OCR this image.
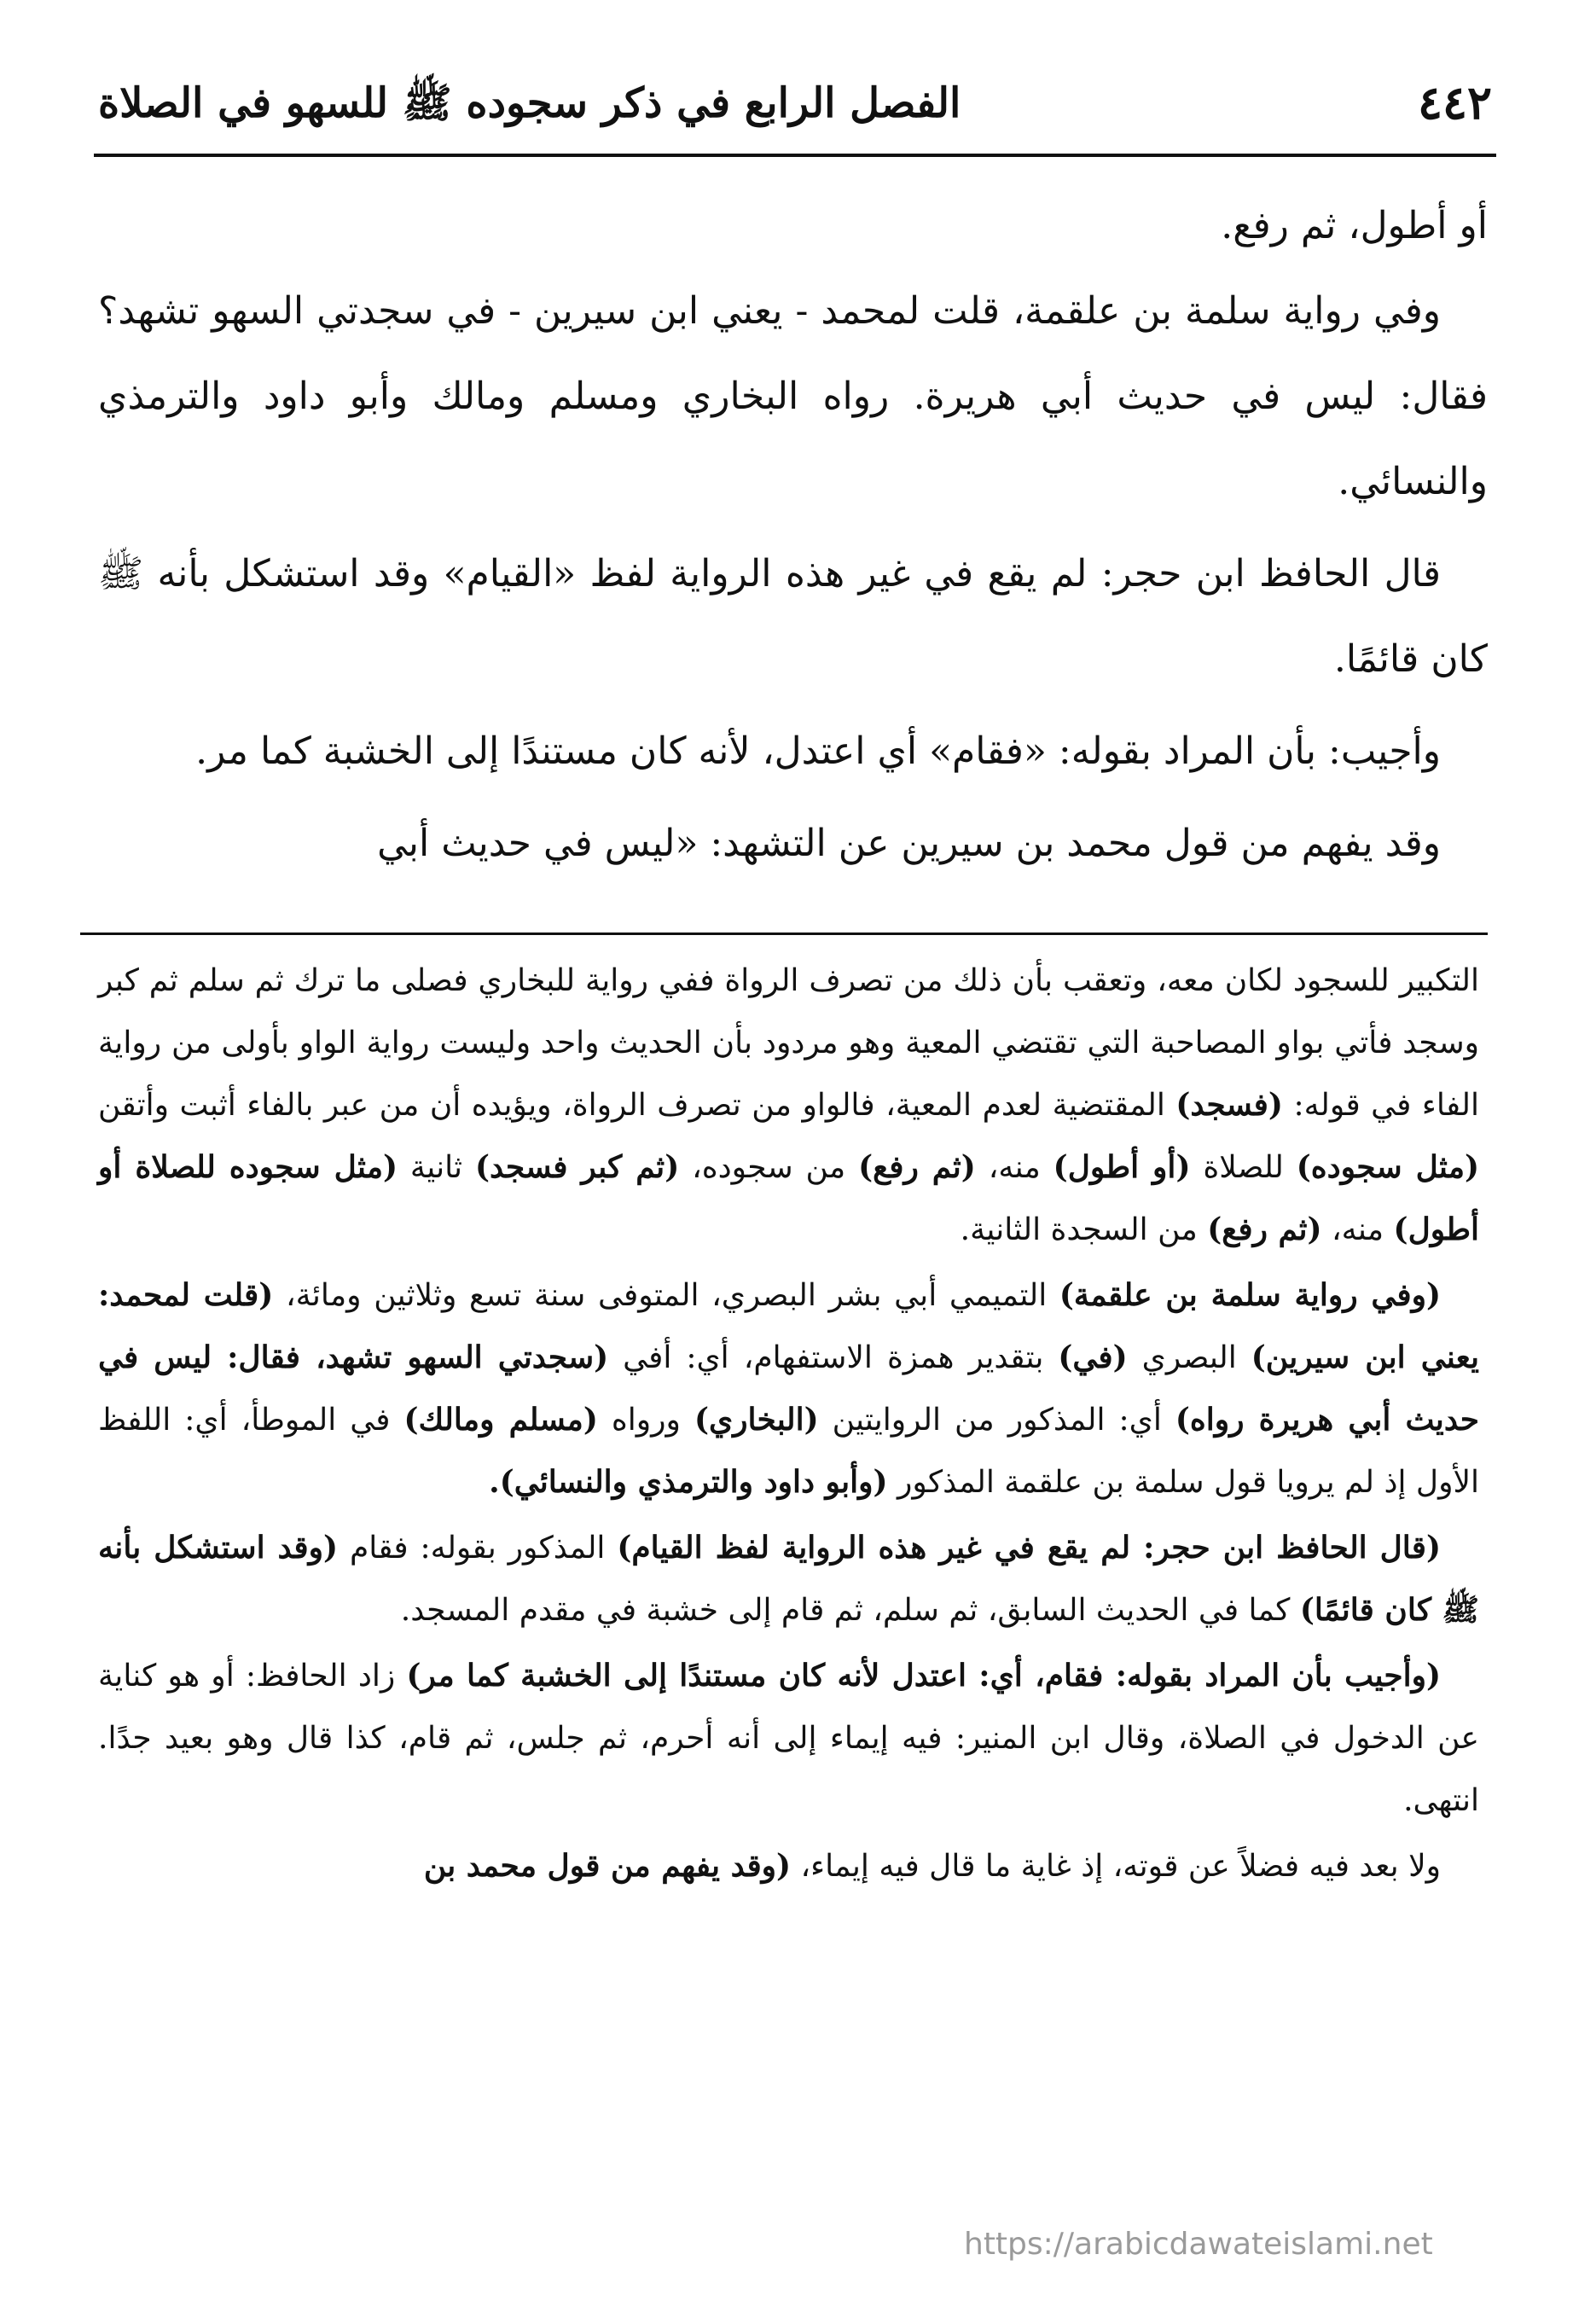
٤٤٢
الفصل الرابع في ذكر سجوده ﷺ للسهو في الصلاة

أو أطول، ثم رفع.

وفي رواية سلمة بن علقمة، قلت لمحمد - يعني ابن سيرين - في سجدتي السهو تشهد؟ فقال: ليس في حديث أبي هريرة. رواه البخاري ومسلم ومالك وأبو داود والترمذي والنسائي.

قال الحافظ ابن حجر: لم يقع في غير هذه الرواية لفظ «القيام» وقد استشكل بأنه ﷺ كان قائمًا.

وأجيب: بأن المراد بقوله: «فقام» أي اعتدل، لأنه كان مستندًا إلى الخشبة كما مر.

وقد يفهم من قول محمد بن سيرين عن التشهد: «ليس في حديث أبي

التكبير للسجود لكان معه، وتعقب بأن ذلك من تصرف الرواة ففي رواية للبخاري فصلى ما ترك ثم سلم ثم كبر وسجد فأتي بواو المصاحبة التي تقتضي المعية وهو مردود بأن الحديث واحد وليست رواية الواو بأولى من رواية الفاء في قوله: (فسجد) المقتضية لعدم المعية، فالواو من تصرف الرواة، ويؤيده أن من عبر بالفاء أثبت وأتقن (مثل سجوده) للصلاة (أو أطول) منه، (ثم رفع) من سجوده، (ثم كبر فسجد) ثانية (مثل سجوده للصلاة أو أطول) منه، (ثم رفع) من السجدة الثانية.

(وفي رواية سلمة بن علقمة) التميمي أبي بشر البصري، المتوفى سنة تسع وثلاثين ومائة، (قلت لمحمد: يعني ابن سيرين) البصري (في) بتقدير همزة الاستفهام، أي: أفي (سجدتي السهو تشهد، فقال: ليس في حديث أبي هريرة رواه) أي: المذكور من الروايتين (البخاري) ورواه (مسلم ومالك) في الموطأ، أي: اللفظ الأول إذ لم يرويا قول سلمة بن علقمة المذكور (وأبو داود والترمذي والنسائي).

(قال الحافظ ابن حجر: لم يقع في غير هذه الرواية لفظ القيام) المذكور بقوله: فقام (وقد استشكل بأنه ﷺ كان قائمًا) كما في الحديث السابق، ثم سلم، ثم قام إلى خشبة في مقدم المسجد.

(وأجيب بأن المراد بقوله: فقام، أي: اعتدل لأنه كان مستندًا إلى الخشبة كما مر) زاد الحافظ: أو هو كناية عن الدخول في الصلاة، وقال ابن المنير: فيه إيماء إلى أنه أحرم، ثم جلس، ثم قام، كذا قال وهو بعيد جدًا. انتهى.

ولا بعد فيه فضلاً عن قوته، إذ غاية ما قال فيه إيماء، (وقد يفهم من قول محمد بن

https://arabicdawateislami.net
